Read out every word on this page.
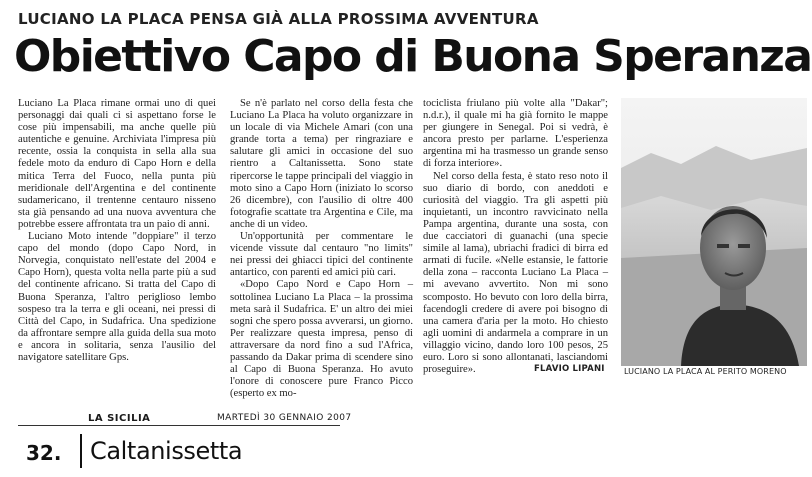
LUCIANO LA PLACA PENSA GIÀ ALLA PROSSIMA AVVENTURA
Obiettivo Capo di Buona Speranza

Luciano La Placa rimane ormai uno di quei personaggi dai quali ci si aspettano forse le cose più impensabili, ma anche quelle più autentiche e genuine. Archiviata l'impresa più recente, ossia la conquista in sella alla sua fedele moto da enduro di Capo Horn e della mitica Terra del Fuoco, nella punta più meridionale dell'Argentina e del continente sudamericano, il trentenne centauro nisseno sta già pensando ad una nuova avventura che potrebbe essere affrontata tra un paio di anni.

Luciano Moto intende "doppiare" il terzo capo del mondo (dopo Capo Nord, in Norvegia, conquistato nell'estate del 2004 e Capo Horn), questa volta nella parte più a sud del continente africano. Si tratta del Capo di Buona Speranza, l'altro periglioso lembo sospeso tra la terra e gli oceani, nei pressi di Città del Capo, in Sudafrica. Una spedizione da affrontare sempre alla guida della sua moto e ancora in solitaria, senza l'ausilio del navigatore satellitare Gps.

Se n'è parlato nel corso della festa che Luciano La Placa ha voluto organizzare in un locale di via Michele Amari (con una grande torta a tema) per ringraziare e salutare gli amici in occasione del suo rientro a Caltanissetta. Sono state ripercorse le tappe principali del viaggio in moto sino a Capo Horn (iniziato lo scorso 26 dicembre), con l'ausilio di oltre 400 fotografie scattate tra Argentina e Cile, ma anche di un video.

Un'opportunità per commentare le vicende vissute dal centauro "no limits" nei pressi dei ghiacci tipici del continente antartico, con parenti ed amici più cari.

«Dopo Capo Nord e Capo Horn – sottolinea Luciano La Placa – la prossima meta sarà il Sudafrica. E' un altro dei miei sogni che spero possa avverarsi, un giorno. Per realizzare questa impresa, penso di attraversare da nord fino a sud l'Africa, passando da Dakar prima di scendere sino al Capo di Buona Speranza. Ho avuto l'onore di conoscere pure Franco Picco (esperto ex mo-

tociclista friulano più volte alla "Dakar"; n.d.r.), il quale mi ha già fornito le mappe per giungere in Senegal. Poi si vedrà, è ancora presto per parlarne. L'esperienza argentina mi ha trasmesso un grande senso di forza interiore».

Nel corso della festa, è stato reso noto il suo diario di bordo, con aneddoti e curiosità del viaggio. Tra gli aspetti più inquietanti, un incontro ravvicinato nella Pampa argentina, durante una sosta, con due cacciatori di guanachi (una specie simile al lama), ubriachi fradici di birra ed armati di fucile. «Nelle estansie, le fattorie della zona – racconta Luciano La Placa – mi avevano avvertito. Non mi sono scomposto. Ho bevuto con loro della birra, facendogli credere di avere poi bisogno di una camera d'aria per la moto. Ho chiesto agli uomini di andarmela a comprare in un villaggio vicino, dando loro 100 pesos, 25 euro. Loro si sono allontanati, lasciandomi proseguire».	FLAVIO LIPANI LUCIANO LA PLACA AL PERITO MORENO
LA SICILIA	MARTEDÌ 30 GENNAIO 2007
32. Caltanissetta
